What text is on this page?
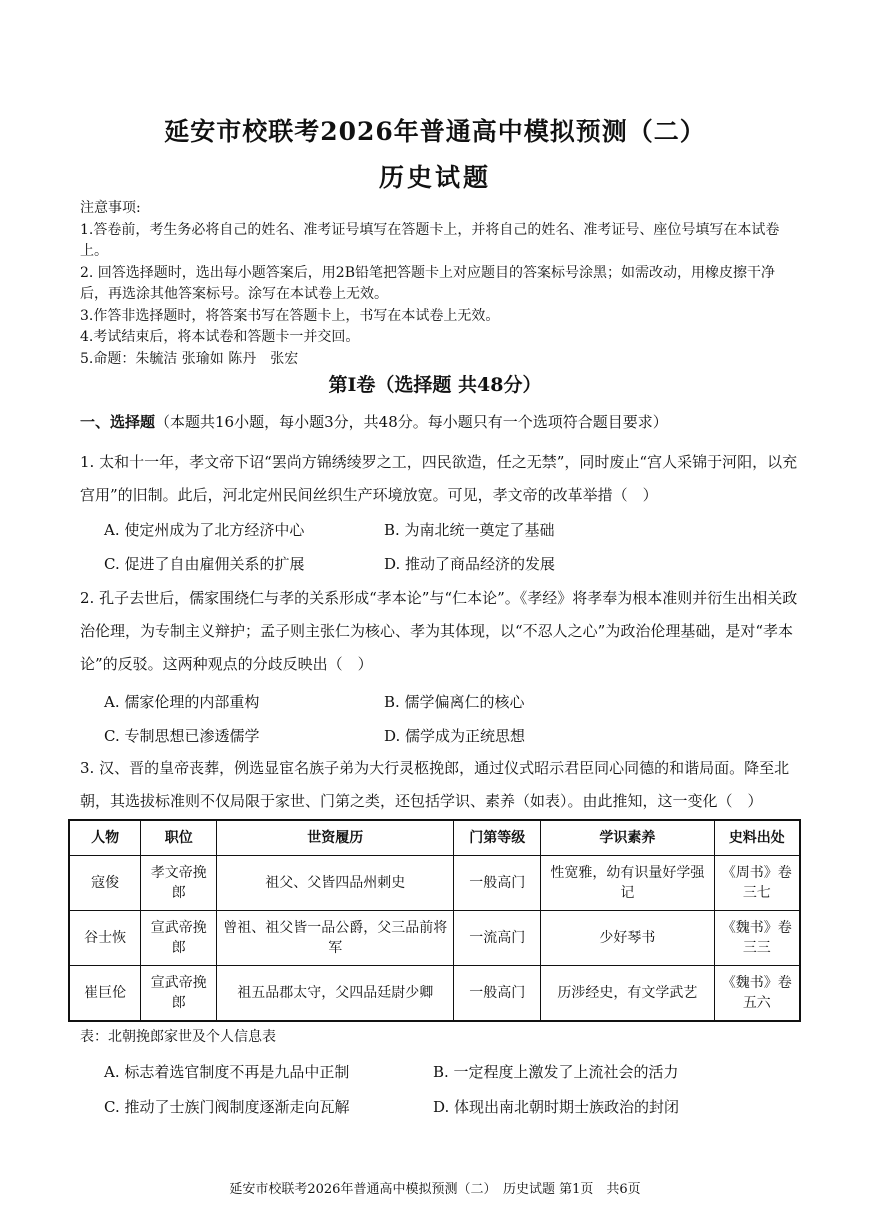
延安市校联考2026年普通高中模拟预测（二）
历史试题
注意事项:
1.答卷前，考生务必将自己的姓名、准考证号填写在答题卡上，并将自己的姓名、准考证号、座位号填写在本试卷上。
2. 回答选择题时，选出每小题答案后，用2B铅笔把答题卡上对应题目的答案标号涂黑；如需改动，用橡皮擦干净后，再选涂其他答案标号。涂写在本试卷上无效。
3.作答非选择题时，将答案书写在答题卡上，书写在本试卷上无效。
4.考试结束后，将本试卷和答题卡一并交回。
5.命题：朱毓洁 张瑜如 陈丹　张宏
第Ⅰ卷（选择题 共48分）
一、选择题（本题共16小题，每小题3分，共48分。每小题只有一个选项符合题目要求）
1. 太和十一年，孝文帝下诏“罢尚方锦绣绫罗之工，四民欲造，任之无禁”，同时废止“宫人采锦于河阳，以充宫用”的旧制。此后，河北定州民间丝织生产环境放宽。可见，孝文帝的改革举措（　）
A. 使定州成为了北方经济中心	B. 为南北统一奠定了基础
C. 促进了自由雇佣关系的扩展	D. 推动了商品经济的发展
2. 孔子去世后，儒家围绕仁与孝的关系形成“孝本论”与“仁本论”。《孝经》将孝奉为根本准则并衍生出相关政治伦理，为专制主义辩护；孟子则主张仁为核心、孝为其体现，以“不忍人之心”为政治伦理基础，是对“孝本论”的反驳。这两种观点的分歧反映出（　）
A. 儒家伦理的内部重构	B. 儒学偏离仁的核心
C. 专制思想已渗透儒学	D. 儒学成为正统思想
3. 汉、晋的皇帝丧葬，例选显宦名族子弟为大行灵柩挽郎，通过仪式昭示君臣同心同德的和谐局面。降至北朝，其选拔标准则不仅局限于家世、门第之类，还包括学识、素养（如表）。由此推知，这一变化（　）
人物	职位	世资履历	门第等级	学识素养	史料出处
寇俊	孝文帝挽郎	祖父、父皆四品州刺史	一般高门	性宽雅，幼有识量好学强记	《周书》卷三七
谷士恢	宣武帝挽郎	曾祖、祖父皆一品公爵，父三品前将军	一流高门	少好琴书	《魏书》卷三三
崔巨伦	宣武帝挽郎	祖五品郡太守，父四品廷尉少卿	一般高门	历涉经史，有文学武艺	《魏书》卷五六
表：北朝挽郎家世及个人信息表
A. 标志着选官制度不再是九品中正制	B. 一定程度上激发了上流社会的活力
C. 推动了士族门阀制度逐渐走向瓦解	D. 体现出南北朝时期士族政治的封闭
延安市校联考2026年普通高中模拟预测（二）　历史试题 第1页　共6页
